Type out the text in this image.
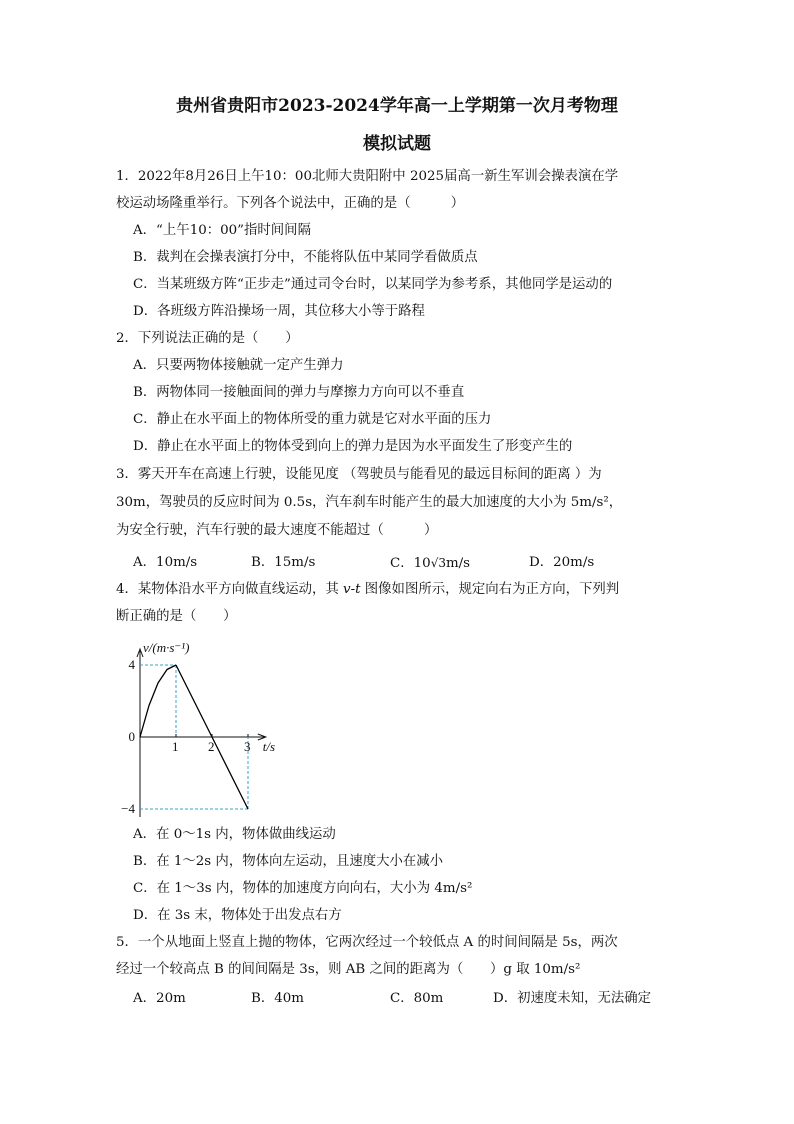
贵州省贵阳市2023-2024学年高一上学期第一次月考物理
模拟试题
1．2022年8月26日上午10：00北师大贵阳附中 2025届高一新生军训会操表演在学
校运动场隆重举行。下列各个说法中，正确的是（　　　）
A．“上午10：00”指时间间隔
B．裁判在会操表演打分中，不能将队伍中某同学看做质点
C．当某班级方阵“正步走”通过司令台时，以某同学为参考系，其他同学是运动的
D．各班级方阵沿操场一周，其位移大小等于路程
2．下列说法正确的是（　　）
A．只要两物体接触就一定产生弹力
B．两物体同一接触面间的弹力与摩擦力方向可以不垂直
C．静止在水平面上的物体所受的重力就是它对水平面的压力
D．静止在水平面上的物体受到向上的弹力是因为水平面发生了形变产生的
3．雾天开车在高速上行驶，设能见度 （驾驶员与能看见的最远目标间的距离 ）为
30m，驾驶员的反应时间为 0.5s，汽车刹车时能产生的最大加速度的大小为 5m/s²，
为安全行驶，汽车行驶的最大速度不能超过（　　　）
A．10m/s	B．15m/s	C．10√3m/s	D．20m/s
4．某物体沿水平方向做直线运动，其 v-t 图像如图所示，规定向右为正方向，下列判
断正确的是（　　）
v/(m·s⁻¹)
t/s
1 2 3
4
0
−4
A．在 0～1s 内，物体做曲线运动
B．在 1～2s 内，物体向左运动，且速度大小在减小
C．在 1～3s 内，物体的加速度方向向右，大小为 4m/s²
D．在 3s 末，物体处于出发点右方
5．一个从地面上竖直上抛的物体，它两次经过一个较低点 A 的时间间隔是 5s，两次
经过一个较高点 B 的间间隔是 3s，则 AB 之间的距离为（　　）g 取 10m/s²
A．20m	B．40m	C．80m	D．初速度未知，无法确定
